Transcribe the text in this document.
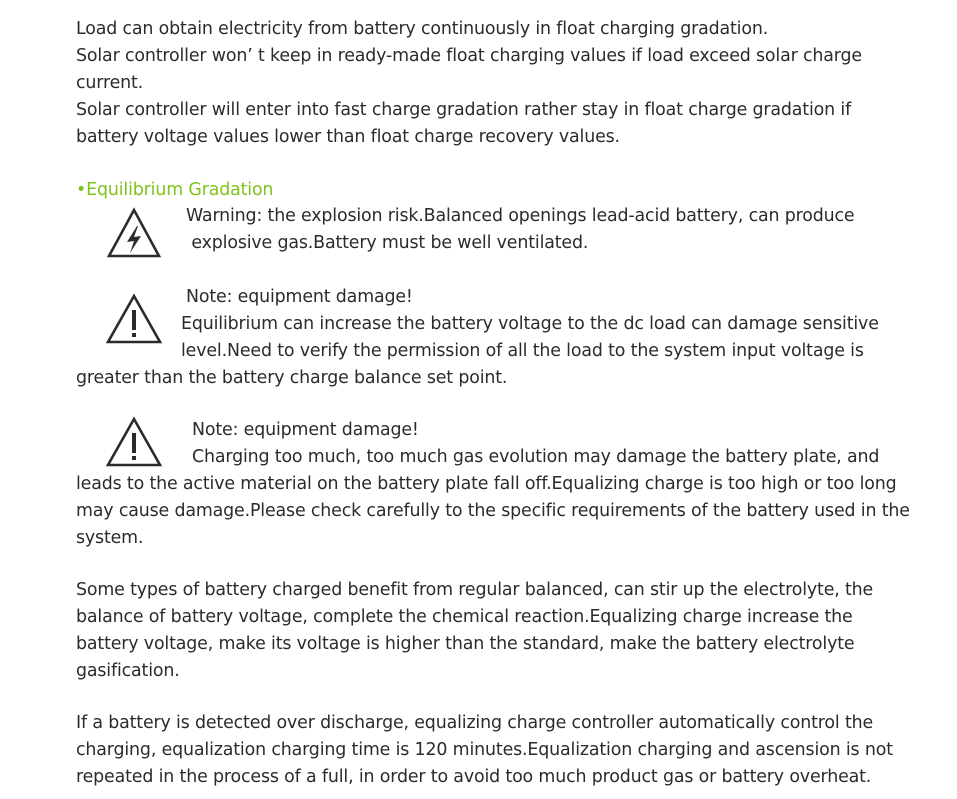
Load can obtain electricity from battery continuously in float charging gradation.
Solar controller won’ t keep in ready-made float charging values if load exceed solar charge
current.
Solar controller will enter into fast charge gradation rather stay in float charge gradation if
battery voltage values lower than float charge recovery values.
•Equilibrium Gradation
Warning: the explosion risk.Balanced openings lead-acid battery, can produce
explosive gas.Battery must be well ventilated.
Note: equipment damage!
Equilibrium can increase the battery voltage to the dc load can damage sensitive
level.Need to verify the permission of all the load to the system input voltage is
greater than the battery charge balance set point.
Note: equipment damage!
Charging too much, too much gas evolution may damage the battery plate, and
leads to the active material on the battery plate fall off.Equalizing charge is too high or too long
may cause damage.Please check carefully to the specific requirements of the battery used in the
system.
Some types of battery charged benefit from regular balanced, can stir up the electrolyte, the
balance of battery voltage, complete the chemical reaction.Equalizing charge increase the
battery voltage, make its voltage is higher than the standard, make the battery electrolyte
gasification.
If a battery is detected over discharge, equalizing charge controller automatically control the
charging, equalization charging time is 120 minutes.Equalization charging and ascension is not
repeated in the process of a full, in order to avoid too much product gas or battery overheat.
